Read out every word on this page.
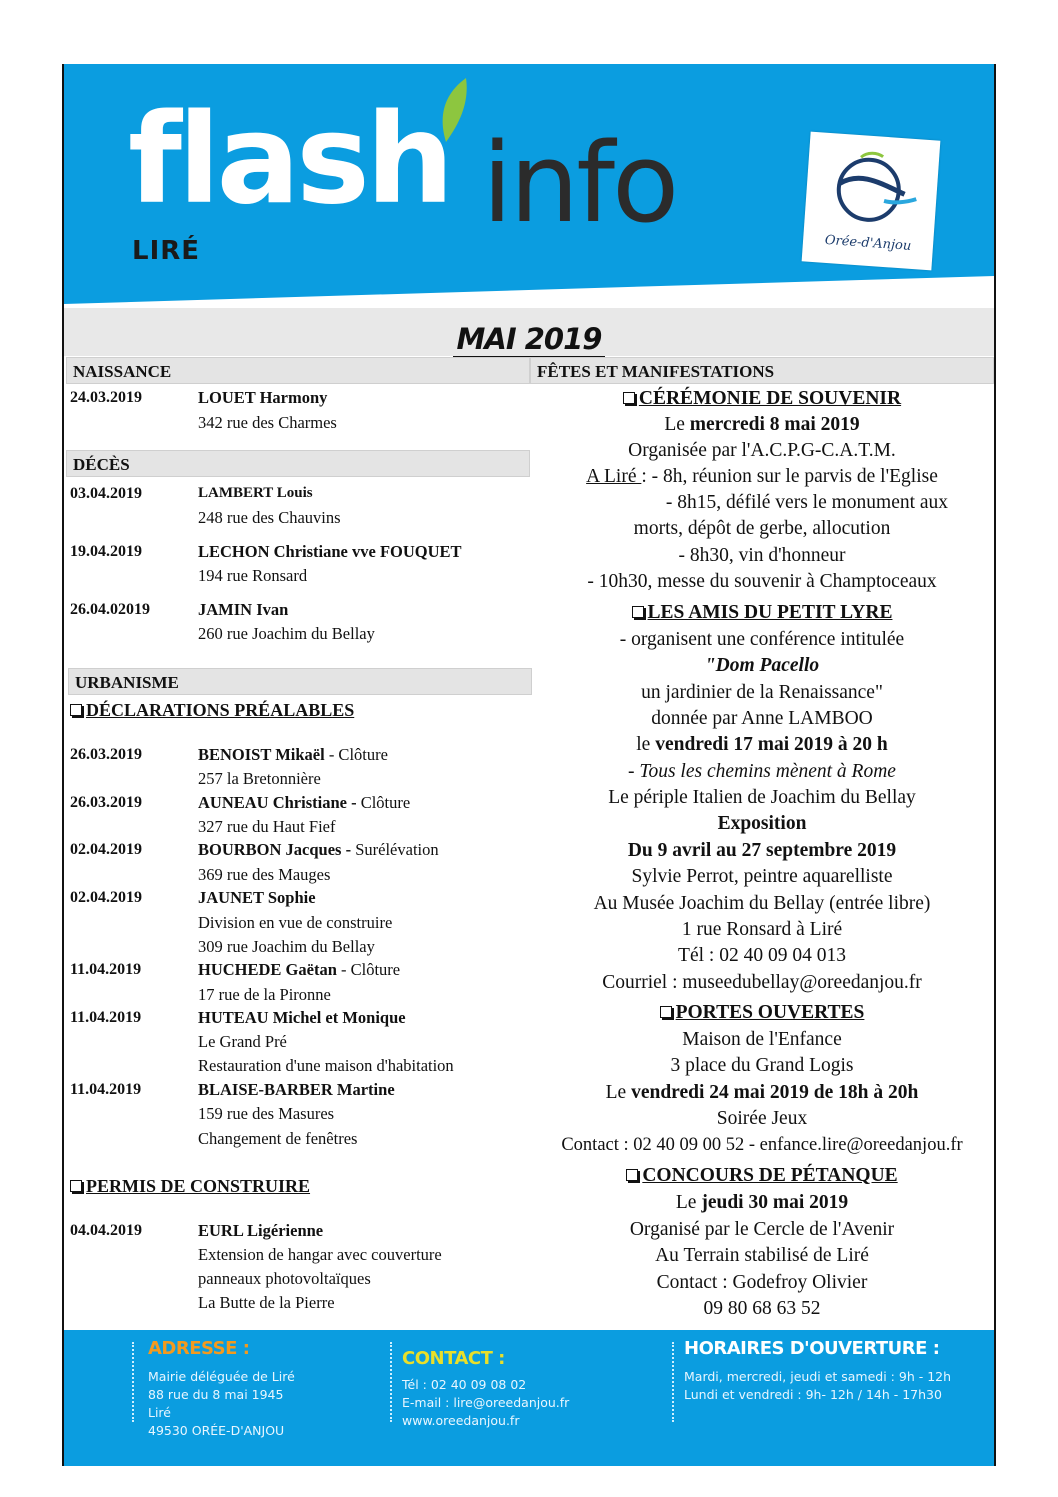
flash info
LIRÉ	Orée-d'Anjou
MAI 2019
NAISSANCE
24.03.2019	LOUET Harmony
342 rue des Charmes
DÉCÈS
03.04.2019	LAMBERT Louis
248 rue des Chauvins
19.04.2019	LECHON Christiane vve FOUQUET
194 rue Ronsard
26.04.02019	JAMIN Ivan
260 rue Joachim du Bellay
URBANISME
DÉCLARATIONS PRÉALABLES
26.03.2019	BENOIST Mikaël - Clôture
257 la Bretonnière
26.03.2019	AUNEAU Christiane - Clôture
327 rue du Haut Fief
02.04.2019	BOURBON Jacques - Surélévation
369 rue des Mauges
02.04.2019	JAUNET Sophie
Division en vue de construire
309 rue Joachim du Bellay
11.04.2019	HUCHEDE Gaëtan - Clôture
17 rue de la Pironne
11.04.2019	HUTEAU Michel et Monique
Le Grand Pré
Restauration d'une maison d'habitation
11.04.2019	BLAISE-BARBER Martine
159 rue des Masures
Changement de fenêtres
PERMIS DE CONSTRUIRE
04.04.2019	EURL Ligérienne
Extension de hangar avec couverture
panneaux photovoltaïques
La Butte de la Pierre
FÊTES ET MANIFESTATIONS
CÉRÉMONIE DE SOUVENIR
Le mercredi 8 mai 2019
Organisée par l'A.C.P.G-C.A.T.M.
A Liré : - 8h, réunion sur le parvis de l'Eglise
- 8h15, défilé vers le monument aux
morts, dépôt de gerbe, allocution
- 8h30, vin d'honneur
- 10h30, messe du souvenir à Champtoceaux
LES AMIS DU PETIT LYRE
- organisent une conférence intitulée
"Dom Pacello
un jardinier de la Renaissance"
donnée par Anne LAMBOO
le vendredi 17 mai 2019 à 20 h
- Tous les chemins mènent à Rome
Le périple Italien de Joachim du Bellay
Exposition
Du 9 avril au 27 septembre 2019
Sylvie Perrot, peintre aquarelliste
Au Musée Joachim du Bellay (entrée libre)
1 rue Ronsard à Liré
Tél : 02 40 09 04 013
Courriel : museedubellay@oreedanjou.fr
PORTES OUVERTES
Maison de l'Enfance
3 place du Grand Logis
Le vendredi 24 mai 2019 de 18h à 20h
Soirée Jeux
Contact : 02 40 09 00 52 - enfance.lire@oreedanjou.fr
CONCOURS DE PÉTANQUE
Le jeudi 30 mai 2019
Organisé par le Cercle de l'Avenir
Au Terrain stabilisé de Liré
Contact : Godefroy Olivier
09 80 68 63 52
ADRESSE :
Mairie déléguée de Liré
88 rue du 8 mai 1945
Liré
49530 ORÉE-D'ANJOU
CONTACT :
Tél : 02 40 09 08 02
E-mail : lire@oreedanjou.fr
www.oreedanjou.fr
HORAIRES D'OUVERTURE :
Mardi, mercredi, jeudi et samedi : 9h - 12h
Lundi et vendredi : 9h- 12h / 14h - 17h30
